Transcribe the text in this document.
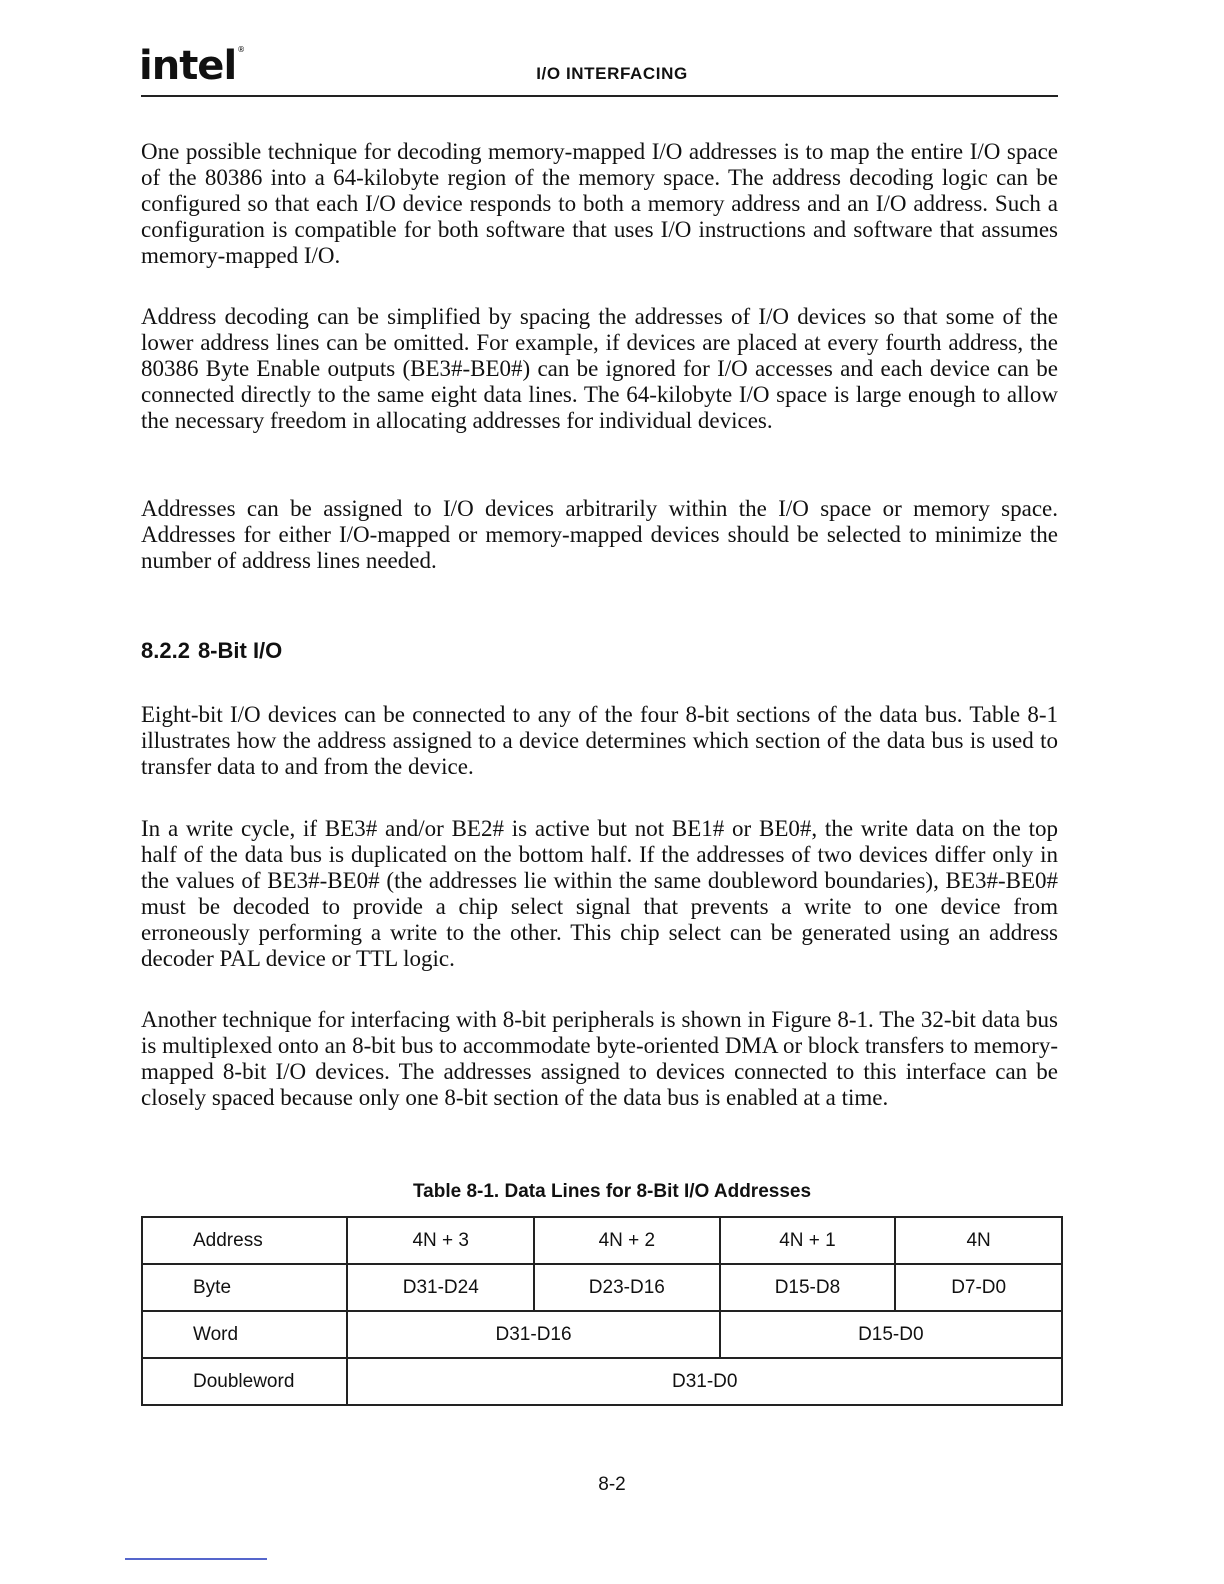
intel®
I/O INTERFACING

One possible technique for decoding memory-mapped I/O addresses is to map the entire I/O space of the 80386 into a 64-kilobyte region of the memory space. The address decoding logic can be configured so that each I/O device responds to both a memory address and an I/O address. Such a configuration is compatible for both software that uses I/O instructions and software that assumes memory-mapped I/O.

Address decoding can be simplified by spacing the addresses of I/O devices so that some of the lower address lines can be omitted. For example, if devices are placed at every fourth address, the 80386 Byte Enable outputs (BE3#-BE0#) can be ignored for I/O accesses and each device can be connected directly to the same eight data lines. The 64-kilobyte I/O space is large enough to allow the necessary freedom in allocating addresses for individual devices.

Addresses can be assigned to I/O devices arbitrarily within the I/O space or memory space. Addresses for either I/O-mapped or memory-mapped devices should be selected to minimize the number of address lines needed.

8.2.2 8-Bit I/O

Eight-bit I/O devices can be connected to any of the four 8-bit sections of the data bus. Table 8-1 illustrates how the address assigned to a device determines which section of the data bus is used to transfer data to and from the device.

In a write cycle, if BE3# and/or BE2# is active but not BE1# or BE0#, the write data on the top half of the data bus is duplicated on the bottom half. If the addresses of two devices differ only in the values of BE3#-BE0# (the addresses lie within the same doubleword boundaries), BE3#-BE0# must be decoded to provide a chip select signal that prevents a write to one device from erroneously performing a write to the other. This chip select can be generated using an address decoder PAL device or TTL logic.

Another technique for interfacing with 8-bit peripherals is shown in Figure 8-1. The 32-bit data bus is multiplexed onto an 8-bit bus to accommodate byte-oriented DMA or block transfers to memory-mapped 8-bit I/O devices. The addresses assigned to devices connected to this interface can be closely spaced because only one 8-bit section of the data bus is enabled at a time.

Table 8-1. Data Lines for 8-Bit I/O Addresses

Address	4N + 3	4N + 2	4N + 1	4N
Byte	D31-D24	D23-D16	D15-D8	D7-D0
Word	D31-D16		D15-D0	
Doubleword	D31-D0			
8-2
